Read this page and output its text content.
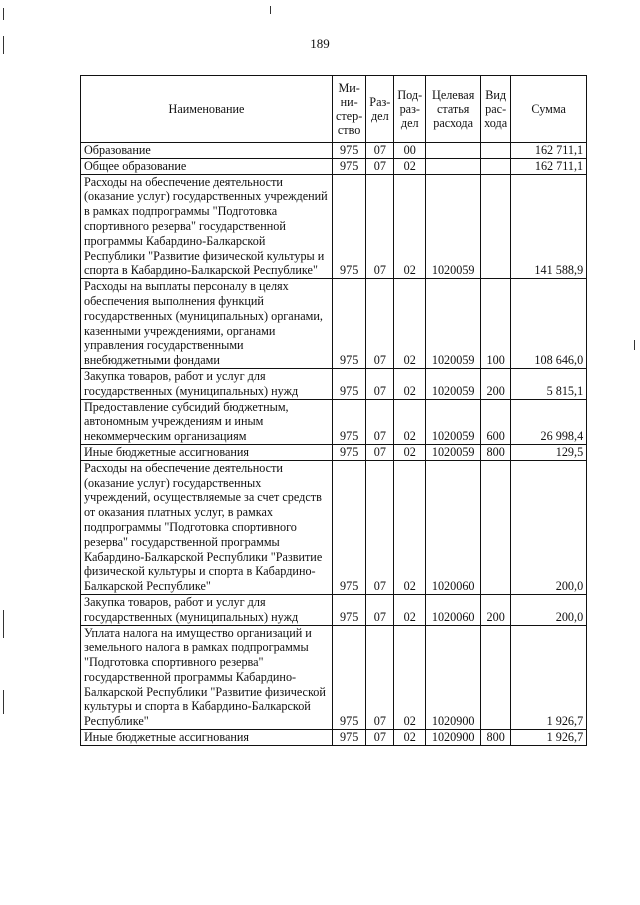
189
Наименование	Ми-ни-стер-ство	Раз-дел	Под-раз-дел	Целевая статья расхода	Вид рас-хода	Сумма
Образование	975	07	00			162 711,1
Общее образование	975	07	02			162 711,1
Расходы на обеспечение деятельности (оказание услуг) государственных учреждений в рамках подпрограммы "Подготовка спортивного резерва" государственной программы Кабардино-Балкарской Республики "Развитие физической культуры и спорта в Кабардино-Балкарской Республике"	975	07	02	1020059		141 588,9
Расходы на выплаты персоналу в целях обеспечения выполнения функций государственных (муниципальных) органами, казенными учреждениями, органами управления государственными внебюджетными фондами	975	07	02	1020059	100	108 646,0
Закупка товаров, работ и услуг для государственных (муниципальных) нужд	975	07	02	1020059	200	5 815,1
Предоставление субсидий бюджетным, автономным учреждениям и иным некоммерческим организациям	975	07	02	1020059	600	26 998,4
Иные бюджетные ассигнования	975	07	02	1020059	800	129,5
Расходы на обеспечение деятельности (оказание услуг) государственных учреждений, осуществляемые за счет средств от оказания платных услуг, в рамках подпрограммы "Подготовка спортивного резерва" государственной программы Кабардино-Балкарской Республики "Развитие физической культуры и спорта в Кабардино-Балкарской Республике"	975	07	02	1020060		200,0
Закупка товаров, работ и услуг для государственных (муниципальных) нужд	975	07	02	1020060	200	200,0
Уплата налога на имущество организаций и земельного налога в рамках подпрограммы "Подготовка спортивного резерва" государственной программы Кабардино-Балкарской Республики "Развитие физической культуры и спорта в Кабардино-Балкарской Республике"	975	07	02	1020900		1 926,7
Иные бюджетные ассигнования	975	07	02	1020900	800	1 926,7
